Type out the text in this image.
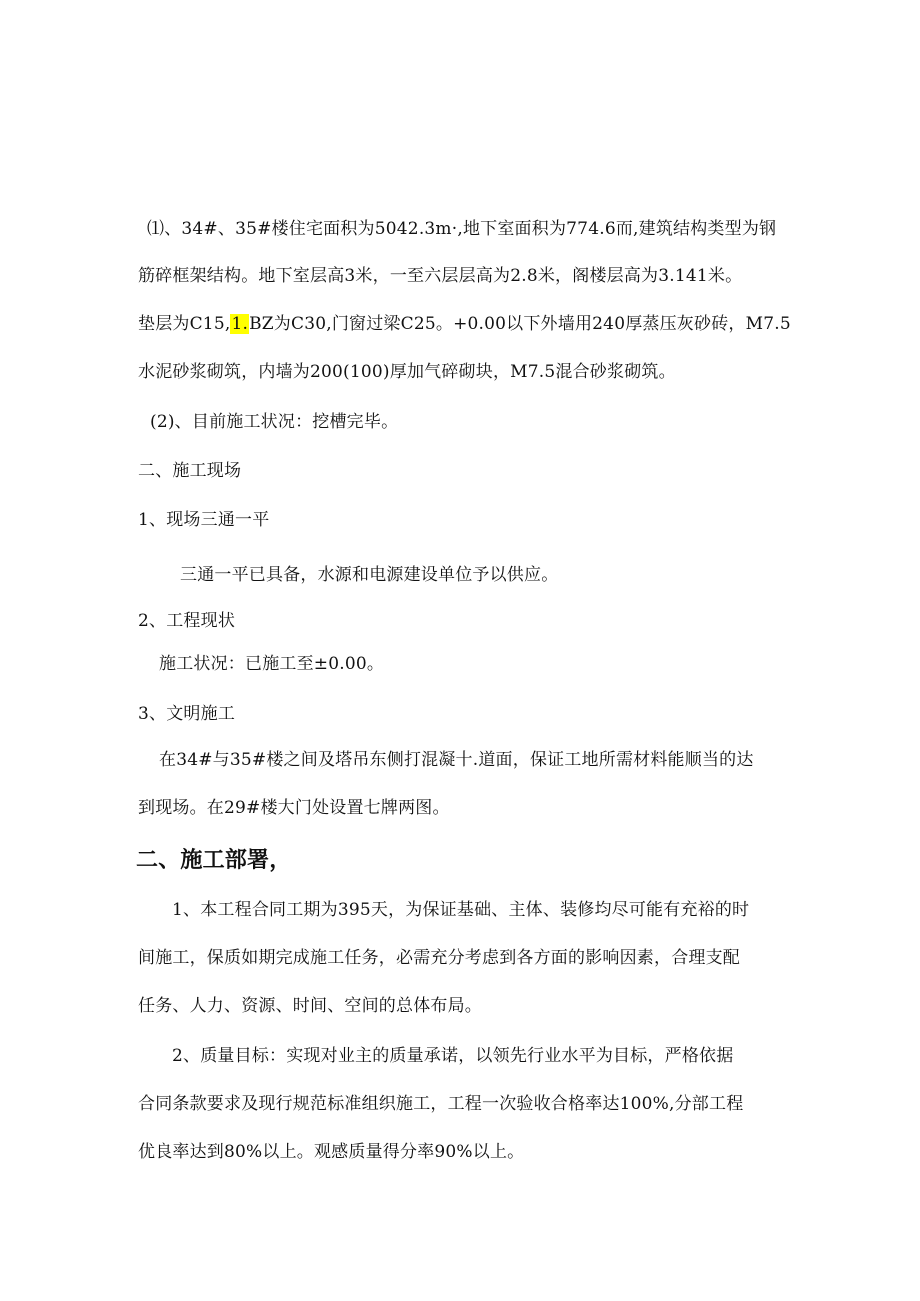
⑴、34#、35#楼住宅面积为5042.3m·,地下室面积为774.6而,建筑结构类型为钢
筋碎框架结构。地下室层高3米，一至六层层高为2.8米，阁楼层高为3.141米。
垫层为C15,1.BZ为C30,门窗过梁C25。+0.00以下外墙用240厚蒸压灰砂砖，M7.5
水泥砂浆砌筑，内墙为200(100)厚加气碎砌块，M7.5混合砂浆砌筑。
(2)、目前施工状况：挖槽完毕。
二、施工现场
1、现场三通一平
三通一平已具备，水源和电源建设单位予以供应。
2、工程现状
施工状况：已施工至±0.00。
3、文明施工
在34#与35#楼之间及塔吊东侧打混凝十.道面，保证工地所需材料能顺当的达
到现场。在29#楼大门处设置七牌两图。
二、施工部署，
1、本工程合同工期为395天，为保证基础、主体、装修均尽可能有充裕的时
间施工，保质如期完成施工任务，必需充分考虑到各方面的影响因素，合理支配
任务、人力、资源、时间、空间的总体布局。
2、质量目标：实现对业主的质量承诺，以领先行业水平为目标，严格依据
合同条款要求及现行规范标准组织施工，工程一次验收合格率达100%,分部工程
优良率达到80%以上。观感质量得分率90%以上。
